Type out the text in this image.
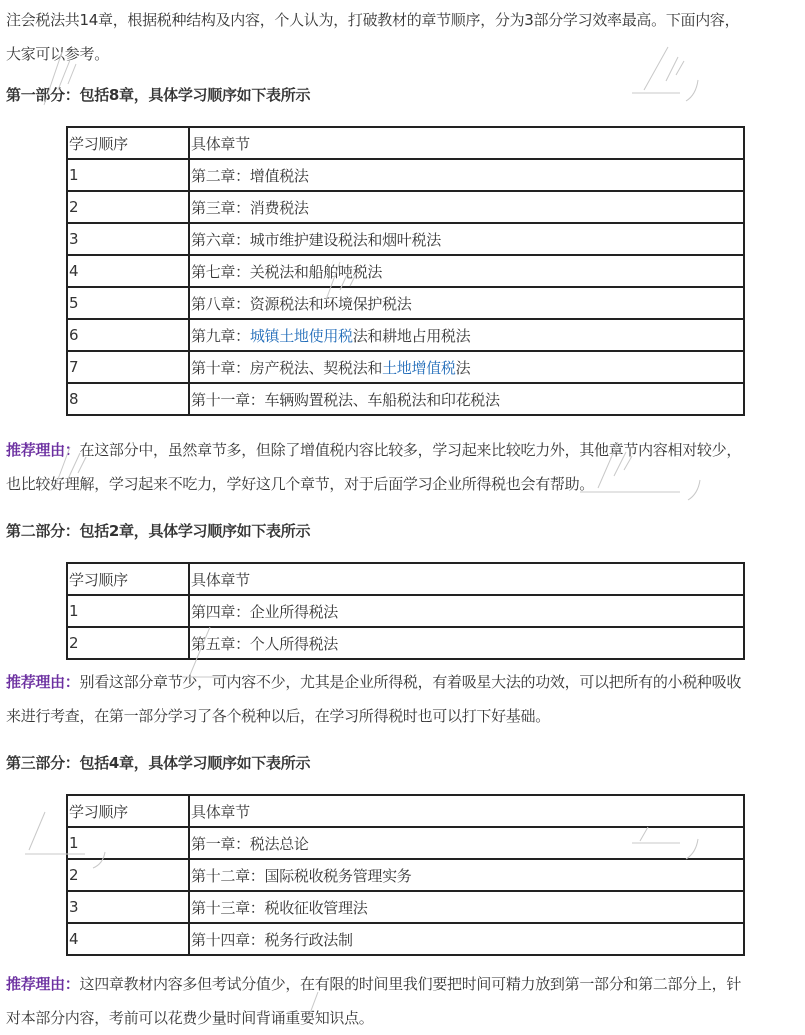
注会税法共14章，根据税种结构及内容，个人认为，打破教材的章节顺序，分为3部分学习效率最高。下面内容，

大家可以参考。

第一部分：包括8章，具体学习顺序如下表所示
学习顺序	具体章节
1	第二章：增值税法
2	第三章：消费税法
3	第六章：城市维护建设税法和烟叶税法
4	第七章：关税法和船舶吨税法
5	第八章：资源税法和环境保护税法
6	第九章：城镇土地使用税法和耕地占用税法
7	第十章：房产税法、契税法和土地增值税法
8	第十一章：车辆购置税法、车船税法和印花税法

推荐理由：在这部分中，虽然章节多，但除了增值税内容比较多，学习起来比较吃力外，其他章节内容相对较少，

也比较好理解，学习起来不吃力，学好这几个章节，对于后面学习企业所得税也会有帮助。

第二部分：包括2章，具体学习顺序如下表所示
学习顺序	具体章节
1	第四章：企业所得税法
2	第五章：个人所得税法

推荐理由：别看这部分章节少，可内容不少，尤其是企业所得税，有着吸星大法的功效，可以把所有的小税种吸收

来进行考查，在第一部分学习了各个税种以后，在学习所得税时也可以打下好基础。

第三部分：包括4章，具体学习顺序如下表所示
学习顺序	具体章节
1	第一章：税法总论
2	第十二章：国际税收税务管理实务
3	第十三章：税收征收管理法
4	第十四章：税务行政法制

推荐理由：这四章教材内容多但考试分值少，在有限的时间里我们要把时间可精力放到第一部分和第二部分上，针

对本部分内容，考前可以花费少量时间背诵重要知识点。
